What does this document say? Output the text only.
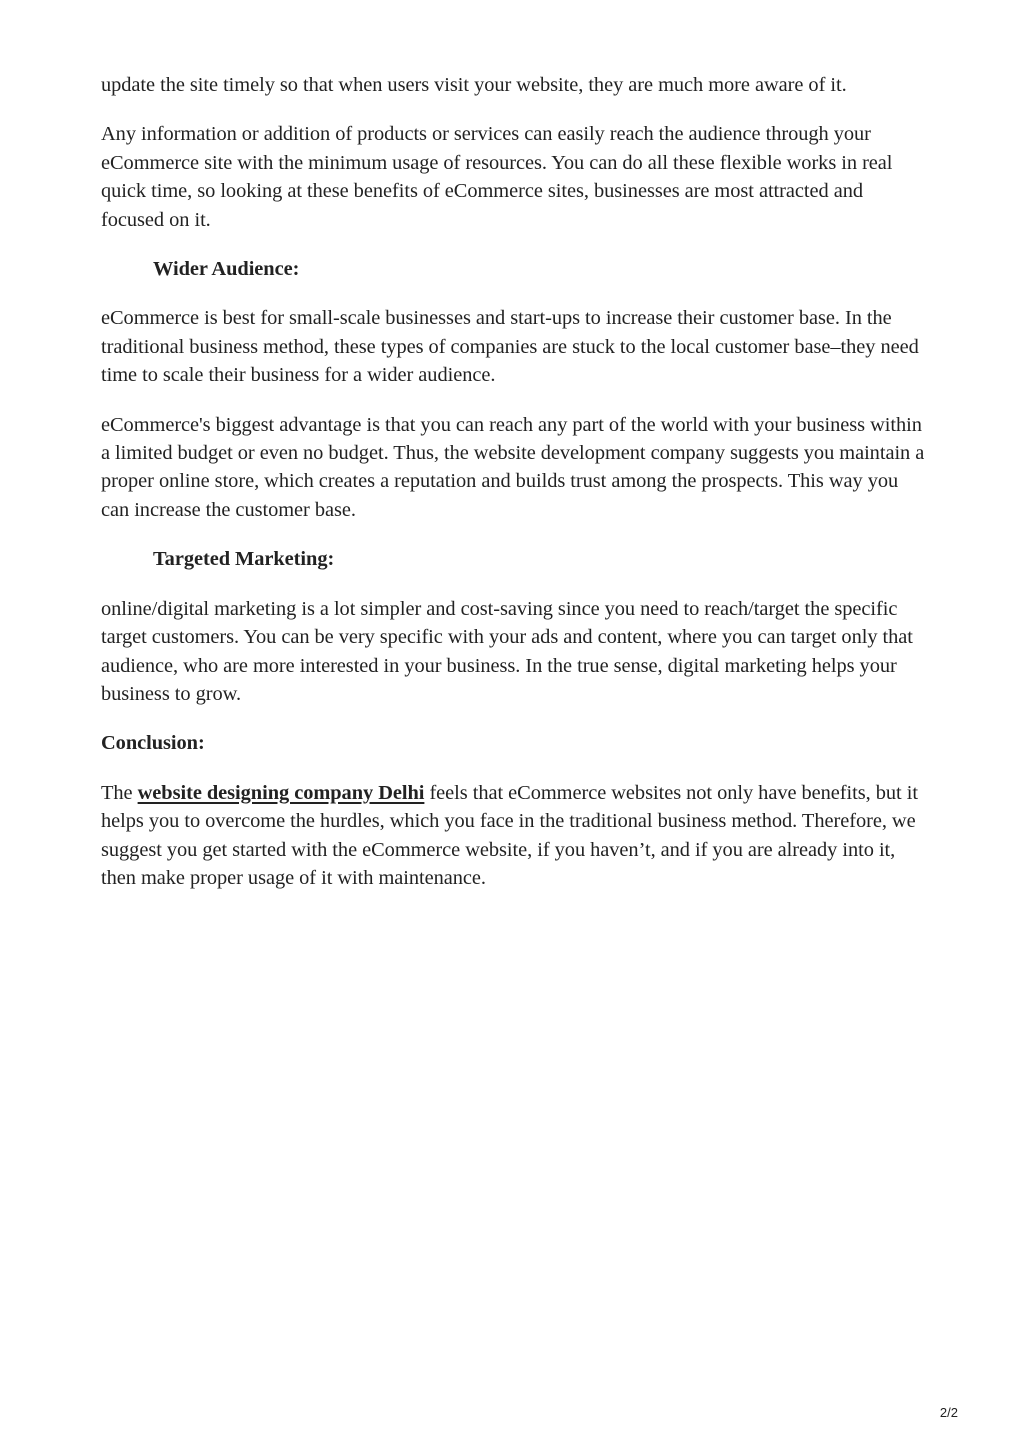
update the site timely so that when users visit your website, they are much more aware of it.

Any information or addition of products or services can easily reach the audience through your eCommerce site with the minimum usage of resources. You can do all these flexible works in real quick time, so looking at these benefits of eCommerce sites, businesses are most attracted and focused on it.

Wider Audience:

eCommerce is best for small-scale businesses and start-ups to increase their customer base. In the traditional business method, these types of companies are stuck to the local customer base–they need time to scale their business for a wider audience.

eCommerce's biggest advantage is that you can reach any part of the world with your business within a limited budget or even no budget. Thus, the website development company suggests you maintain a proper online store, which creates a reputation and builds trust among the prospects. This way you can increase the customer base.

Targeted Marketing:

online/digital marketing is a lot simpler and cost-saving since you need to reach/target the specific target customers. You can be very specific with your ads and content, where you can target only that audience, who are more interested in your business. In the true sense, digital marketing helps your business to grow.

Conclusion:

The website designing company Delhi feels that eCommerce websites not only have benefits, but it helps you to overcome the hurdles, which you face in the traditional business method. Therefore, we suggest you get started with the eCommerce website, if you haven’t, and if you are already into it, then make proper usage of it with maintenance.

2/2
